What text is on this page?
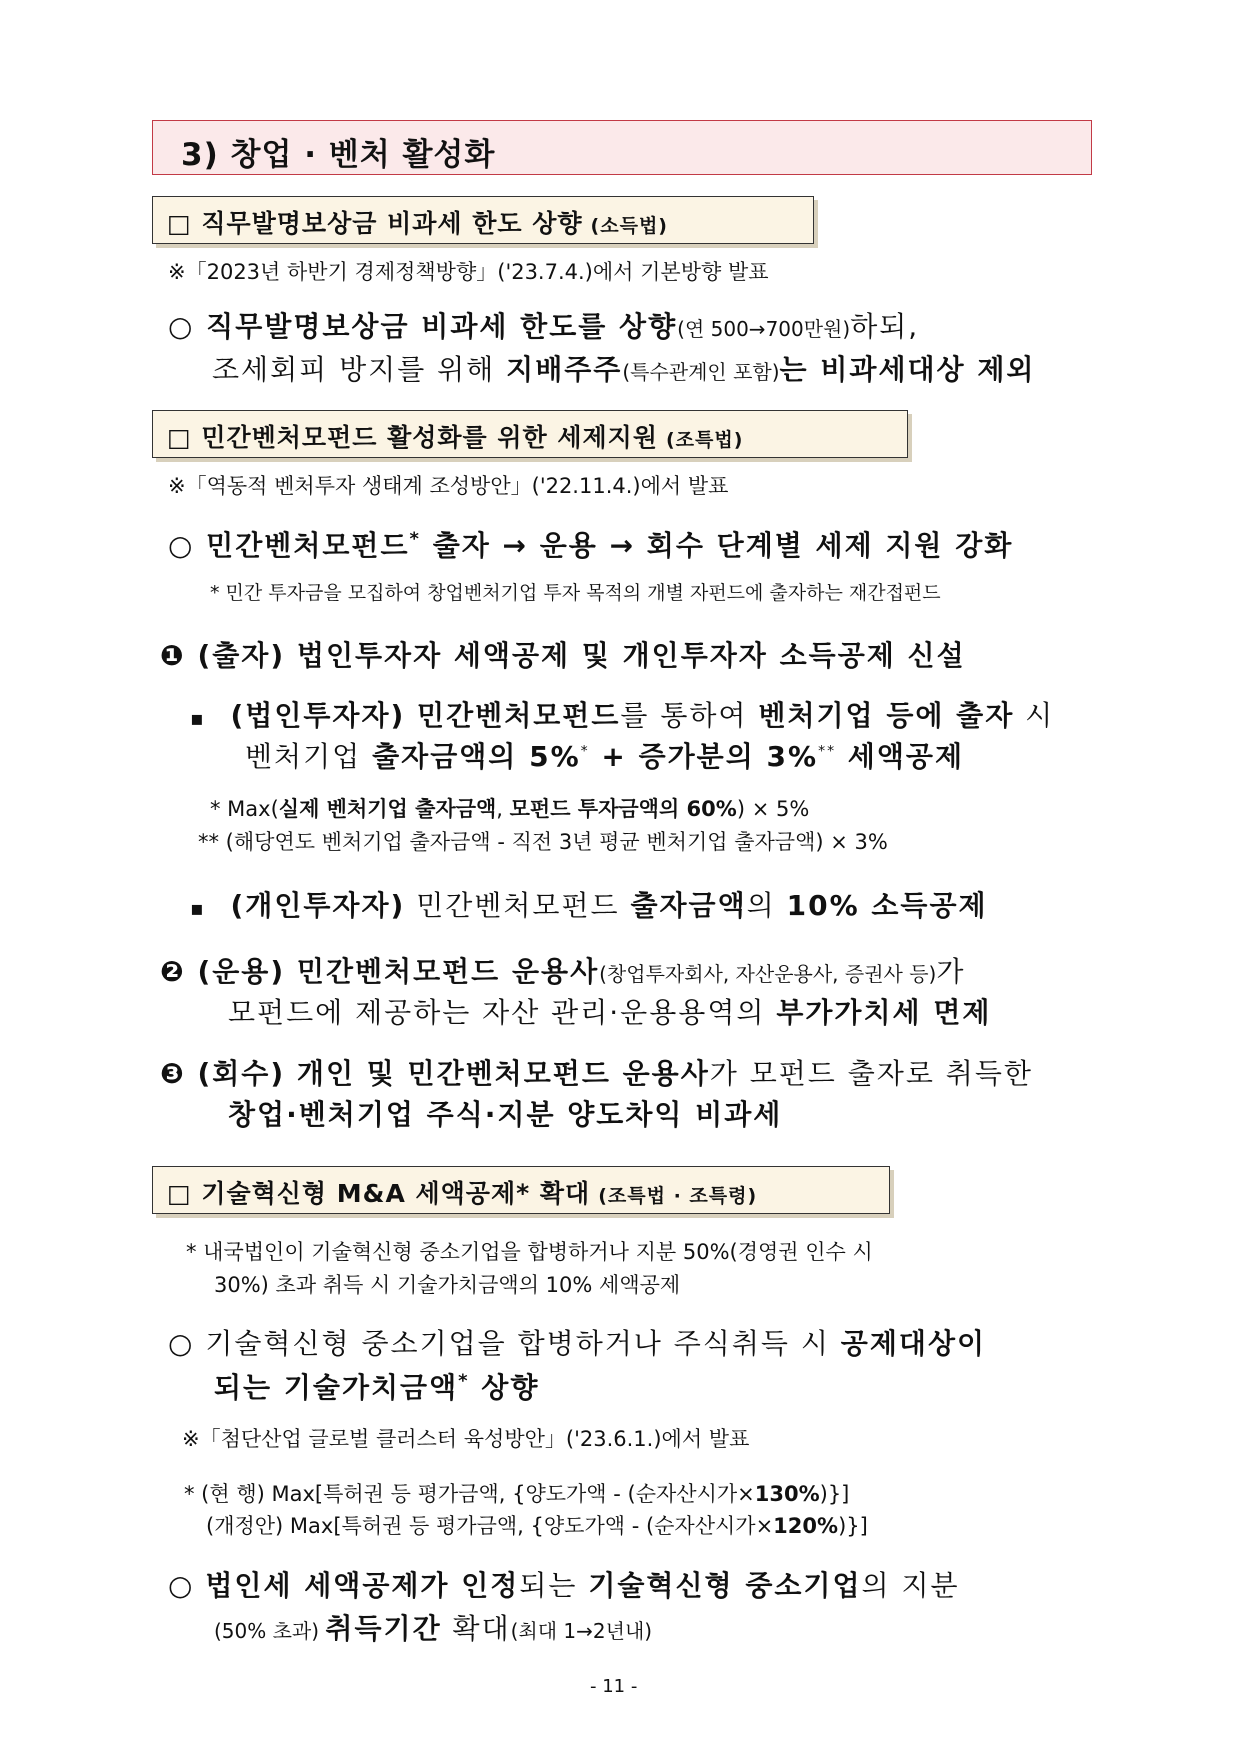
3) 창업 · 벤처 활성화
□ 직무발명보상금 비과세 한도 상향 (소득법)
※「2023년 하반기 경제정책방향」('23.7.4.)에서 기본방향 발표
○ 직무발명보상금 비과세 한도를 상향(연 500→700만원)하되,
조세회피 방지를 위해 지배주주(특수관계인 포함)는 비과세대상 제외
□ 민간벤처모펀드 활성화를 위한 세제지원 (조특법)
※「역동적 벤처투자 생태계 조성방안」('22.11.4.)에서 발표
○ 민간벤처모펀드* 출자 → 운용 → 회수 단계별 세제 지원 강화
* 민간 투자금을 모집하여 창업벤처기업 투자 목적의 개별 자펀드에 출자하는 재간접펀드
❶ (출자) 법인투자자 세액공제 및 개인투자자 소득공제 신설
▪ (법인투자자) 민간벤처모펀드를 통하여 벤처기업 등에 출자 시
벤처기업 출자금액의 5%* + 증가분의 3%** 세액공제
* Max(실제 벤처기업 출자금액, 모펀드 투자금액의 60%) × 5%
** (해당연도 벤처기업 출자금액 - 직전 3년 평균 벤처기업 출자금액) × 3%
▪ (개인투자자) 민간벤처모펀드 출자금액의 10% 소득공제
❷ (운용) 민간벤처모펀드 운용사(창업투자회사, 자산운용사, 증권사 등)가
모펀드에 제공하는 자산 관리·운용용역의 부가가치세 면제
❸ (회수) 개인 및 민간벤처모펀드 운용사가 모펀드 출자로 취득한
창업·벤처기업 주식·지분 양도차익 비과세
□ 기술혁신형 M&A 세액공제* 확대 (조특법 · 조특령)
* 내국법인이 기술혁신형 중소기업을 합병하거나 지분 50%(경영권 인수 시
30%) 초과 취득 시 기술가치금액의 10% 세액공제
○ 기술혁신형 중소기업을 합병하거나 주식취득 시 공제대상이
되는 기술가치금액* 상향
※「첨단산업 글로벌 클러스터 육성방안」('23.6.1.)에서 발표
* (현 행) Max[특허권 등 평가금액, {양도가액 - (순자산시가×130%)}]
(개정안) Max[특허권 등 평가금액, {양도가액 - (순자산시가×120%)}]
○ 법인세 세액공제가 인정되는 기술혁신형 중소기업의 지분
(50% 초과) 취득기간 확대(최대 1→2년내)
- 11 -
